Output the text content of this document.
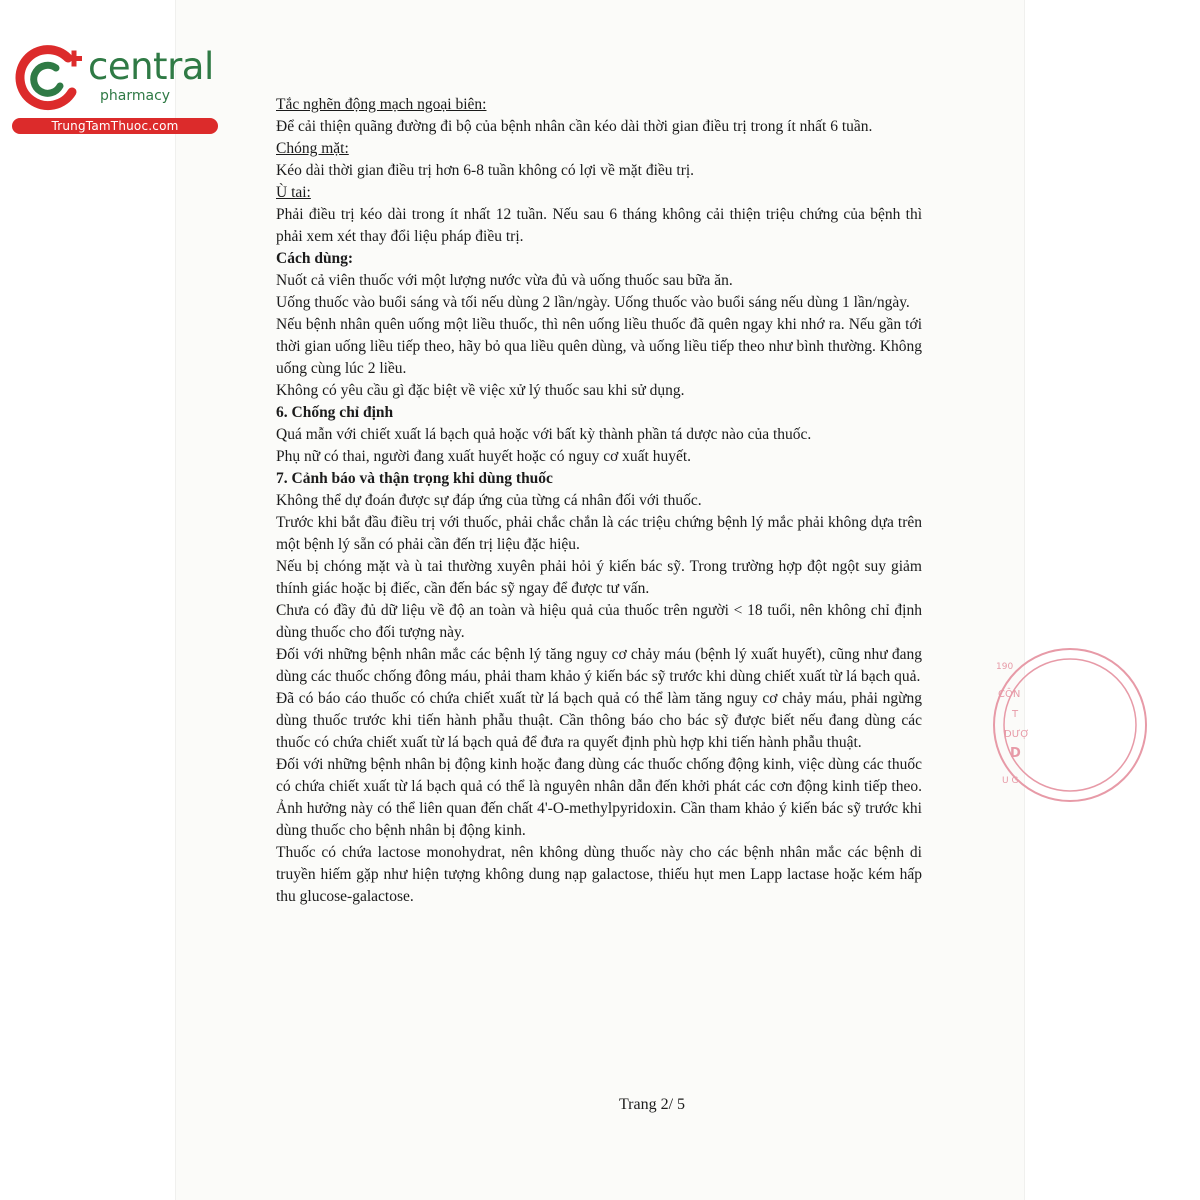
central
pharmacy
TrungTamThuoc.com
190
CÔN
T
DƯỢ
D
U G

Tắc nghẽn động mạch ngoại biên:

Để cải thiện quãng đường đi bộ của bệnh nhân cần kéo dài thời gian điều trị trong ít nhất 6 tuần.

Chóng mặt:

Kéo dài thời gian điều trị hơn 6-8 tuần không có lợi về mặt điều trị.

Ù tai:

Phải điều trị kéo dài trong ít nhất 12 tuần. Nếu sau 6 tháng không cải thiện triệu chứng của bệnh thì phải xem xét thay đổi liệu pháp điều trị.

Cách dùng:

Nuốt cả viên thuốc với một lượng nước vừa đủ và uống thuốc sau bữa ăn.

Uống thuốc vào buổi sáng và tối nếu dùng 2 lần/ngày. Uống thuốc vào buổi sáng nếu dùng 1 lần/ngày.

Nếu bệnh nhân quên uống một liều thuốc, thì nên uống liều thuốc đã quên ngay khi nhớ ra. Nếu gần tới thời gian uống liều tiếp theo, hãy bỏ qua liều quên dùng, và uống liều tiếp theo như bình thường. Không uống cùng lúc 2 liều.

Không có yêu cầu gì đặc biệt về việc xử lý thuốc sau khi sử dụng.

6. Chống chỉ định

Quá mẫn với chiết xuất lá bạch quả hoặc với bất kỳ thành phần tá dược nào của thuốc.

Phụ nữ có thai, người đang xuất huyết hoặc có nguy cơ xuất huyết.

7. Cảnh báo và thận trọng khi dùng thuốc

Không thể dự đoán được sự đáp ứng của từng cá nhân đối với thuốc.

Trước khi bắt đầu điều trị với thuốc, phải chắc chắn là các triệu chứng bệnh lý mắc phải không dựa trên một bệnh lý sẵn có phải cần đến trị liệu đặc hiệu.

Nếu bị chóng mặt và ù tai thường xuyên phải hỏi ý kiến bác sỹ. Trong trường hợp đột ngột suy giảm thính giác hoặc bị điếc, cần đến bác sỹ ngay để được tư vấn.

Chưa có đầy đủ dữ liệu về độ an toàn và hiệu quả của thuốc trên người < 18 tuổi, nên không chỉ định dùng thuốc cho đối tượng này.

Đối với những bệnh nhân mắc các bệnh lý tăng nguy cơ chảy máu (bệnh lý xuất huyết), cũng như đang dùng các thuốc chống đông máu, phải tham khảo ý kiến bác sỹ trước khi dùng chiết xuất từ lá bạch quả.

Đã có báo cáo thuốc có chứa chiết xuất từ lá bạch quả có thể làm tăng nguy cơ chảy máu, phải ngừng dùng thuốc trước khi tiến hành phẫu thuật. Cần thông báo cho bác sỹ được biết nếu đang dùng các thuốc có chứa chiết xuất từ lá bạch quả để đưa ra quyết định phù hợp khi tiến hành phẫu thuật.

Đối với những bệnh nhân bị động kinh hoặc đang dùng các thuốc chống động kinh, việc dùng các thuốc có chứa chiết xuất từ lá bạch quả có thể là nguyên nhân dẫn đến khởi phát các cơn động kinh tiếp theo. Ảnh hưởng này có thể liên quan đến chất 4'-O-methylpyridoxin. Cần tham khảo ý kiến bác sỹ trước khi dùng thuốc cho bệnh nhân bị động kinh.

Thuốc có chứa lactose monohydrat, nên không dùng thuốc này cho các bệnh nhân mắc các bệnh di truyền hiếm gặp như hiện tượng không dung nạp galactose, thiếu hụt men Lapp lactase hoặc kém hấp thu glucose-galactose.

Trang 2/ 5
